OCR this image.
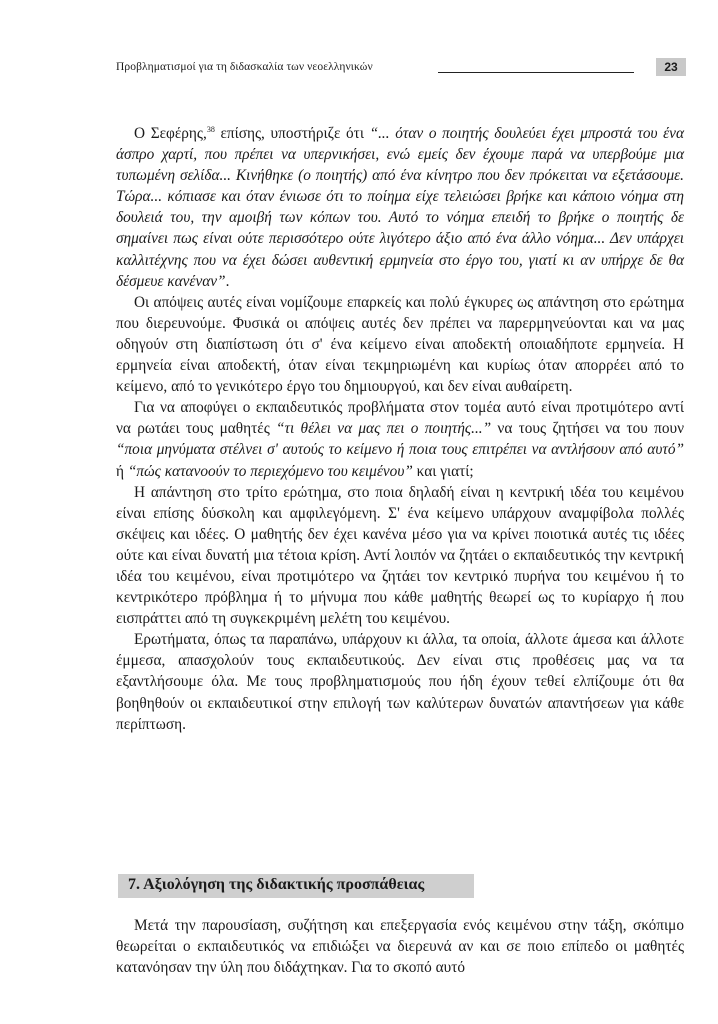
Προβληματισμοί για τη διδασκαλία των νεοελληνικών	23

Ο Σεφέρης,$^{38}$ επίσης, υποστήριζε ότι “... όταν ο ποιητής δουλεύει έχει μπροστά του ένα άσπρο χαρτί, που πρέπει να υπερνικήσει, ενώ εμείς δεν έχουμε παρά να υπερβούμε μια τυπωμένη σελίδα... Κινήθηκε (ο ποιητής) από ένα κίνητρο που δεν πρόκειται να εξετάσουμε. Τώρα... κόπιασε και όταν ένιωσε ότι το ποίημα είχε τελειώσει βρήκε και κάποιο νόημα στη δουλειά του, την αμοιβή των κόπων του. Αυτό το νόημα επειδή το βρήκε ο ποιητής δε σημαίνει πως είναι ούτε περισσότερο ούτε λιγότερο άξιο από ένα άλλο νόημα... Δεν υπάρχει καλλιτέχνης που να έχει δώσει αυθεντική ερμηνεία στο έργο του, γιατί κι αν υπήρχε δε θα δέσμευε κανέναν”.

Οι απόψεις αυτές είναι νομίζουμε επαρκείς και πολύ έγκυρες ως απάντηση στο ερώτημα που διερευνούμε. Φυσικά οι απόψεις αυτές δεν πρέπει να παρερμηνεύονται και να μας οδηγούν στη διαπίστωση ότι σ' ένα κείμενο είναι αποδεκτή οποιαδήποτε ερμηνεία. Η ερμηνεία είναι αποδεκτή, όταν είναι τεκμηριωμένη και κυρίως όταν απορρέει από το κείμενο, από το γενικότερο έργο του δημιουργού, και δεν είναι αυθαίρετη.

Για να αποφύγει ο εκπαιδευτικός προβλήματα στον τομέα αυτό είναι προτιμότερο αντί να ρωτάει τους μαθητές “τι θέλει να μας πει ο ποιητής...” να τους ζητήσει να του πουν “ποια μηνύματα στέλνει σ' αυτούς το κείμενο ή ποια τους επιτρέπει να αντλήσουν από αυτό” ή “πώς κατανοούν το περιεχόμενο του κειμένου” και γιατί;

Η απάντηση στο τρίτο ερώτημα, στο ποια δηλαδή είναι η κεντρική ιδέα του κειμένου είναι επίσης δύσκολη και αμφιλεγόμενη. Σ' ένα κείμενο υπάρχουν αναμφίβολα πολλές σκέψεις και ιδέες. Ο μαθητής δεν έχει κανένα μέσο για να κρίνει ποιοτικά αυτές τις ιδέες ούτε και είναι δυνατή μια τέτοια κρίση. Αντί λοιπόν να ζητάει ο εκπαιδευτικός την κεντρική ιδέα του κειμένου, είναι προτιμότερο να ζητάει τον κεντρικό πυρήνα του κειμένου ή το κεντρικότερο πρόβλημα ή το μήνυμα που κάθε μαθητής θεωρεί ως το κυρίαρχο ή που εισπράττει από τη συγκεκριμένη μελέτη του κειμένου.

Ερωτήματα, όπως τα παραπάνω, υπάρχουν κι άλλα, τα οποία, άλλοτε άμεσα και άλλοτε έμμεσα, απασχολούν τους εκπαιδευτικούς. Δεν είναι στις προθέσεις μας να τα εξαντλήσουμε όλα. Με τους προβληματισμούς που ήδη έχουν τεθεί ελπίζουμε ότι θα βοηθηθούν οι εκπαιδευτικοί στην επιλογή των καλύτερων δυνατών απαντήσεων για κάθε περίπτωση.

7. Αξιολόγηση της διδακτικής προσπάθειας

Μετά την παρουσίαση, συζήτηση και επεξεργασία ενός κειμένου στην τάξη, σκόπιμο θεωρείται ο εκπαιδευτικός να επιδιώξει να διερευνά αν και σε ποιο επίπεδο οι μαθητές κατανόησαν την ύλη που διδάχτηκαν. Για το σκοπό αυτό
